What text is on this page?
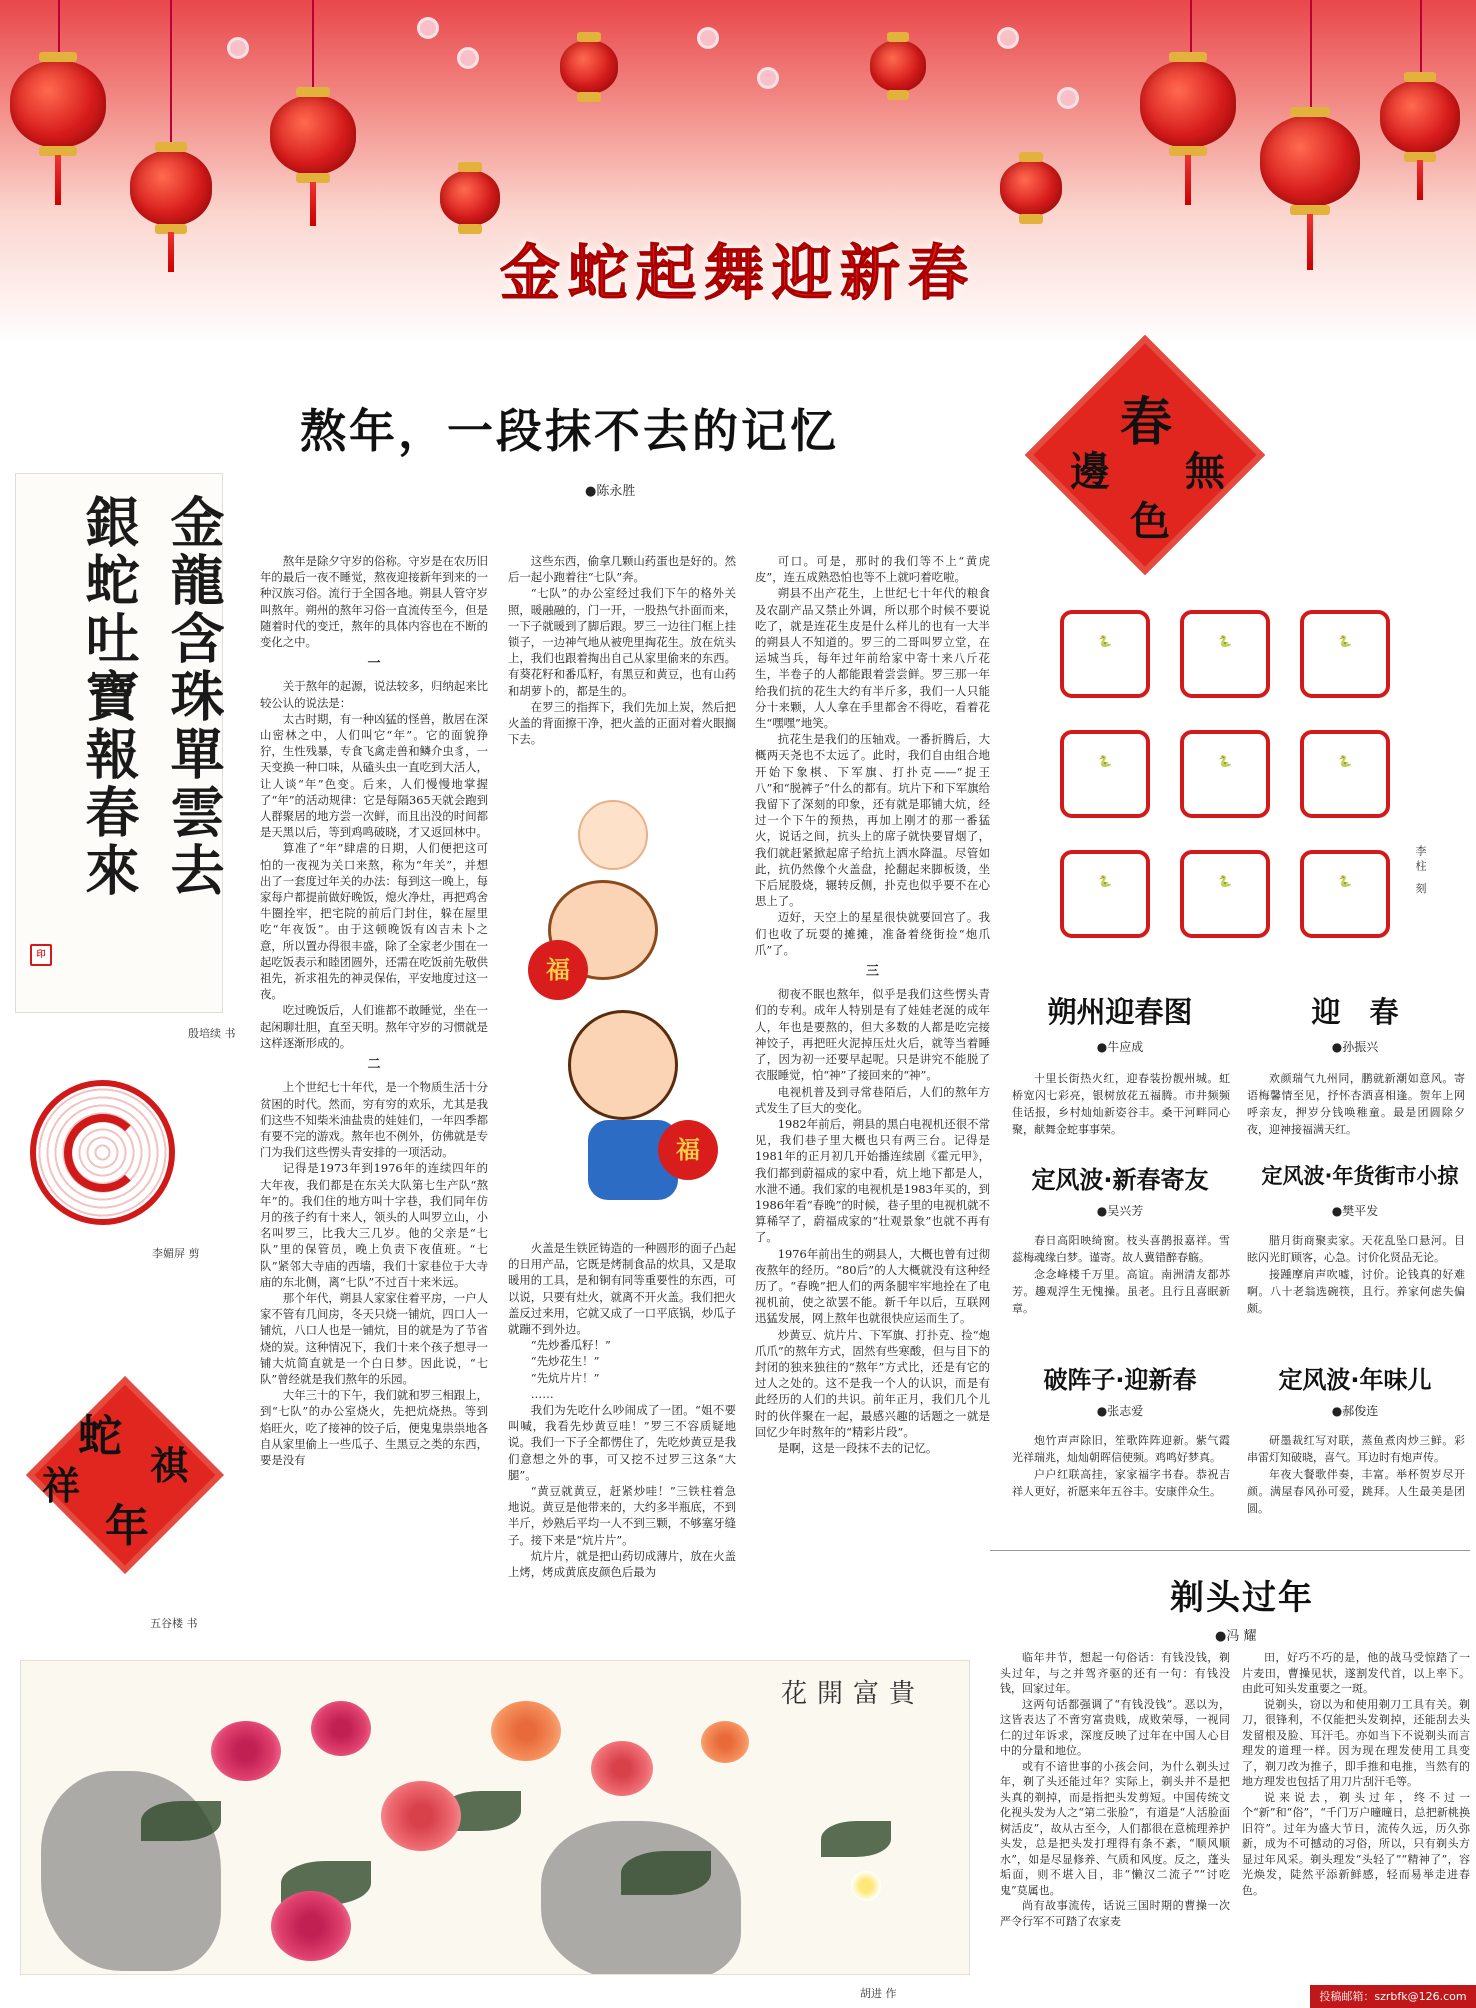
金蛇起舞迎新春
春
無
邊
色
🐍	🐍	🐍
🐍	🐍	🐍
🐍	🐍	🐍	李柱 刻
熬年，一段抹不去的记忆
●陈永胜
金龍含珠單雲去
銀蛇吐寶報春來
印
殷培续 书
李媚屏 剪
蛇
祺
祥
年
五谷楼 书

熬年是除夕守岁的俗称。守岁是在农历旧年的最后一夜不睡觉，熬夜迎接新年到来的一种汉族习俗。流行于全国各地。朔县人管守岁叫熬年。朔州的熬年习俗一直流传至今，但是随着时代的变迁，熬年的具体内容也在不断的变化之中。

一

关于熬年的起源，说法较多，归纳起来比较公认的说法是：

太古时期，有一种凶猛的怪兽，散居在深山密林之中，人们叫它“年”。它的面貌狰狞，生性残暴，专食飞禽走兽和鳞介虫豸，一天变换一种口味，从磕头虫一直吃到大活人，让人谈“年”色变。后来，人们慢慢地掌握了“年”的活动规律：它是每隔365天就会跑到人群聚居的地方尝一次鲜，而且出没的时间都是天黑以后，等到鸡鸣破晓，才又返回林中。

算准了“年”肆虐的日期，人们便把这可怕的一夜视为关口来熬，称为“年关”，并想出了一套度过年关的办法：每到这一晚上，每家每户都提前做好晚饭，熄火净灶，再把鸡舍牛圈拴牢，把宅院的前后门封住，躲在屋里吃“年夜饭”。由于这顿晚饭有凶吉未卜之意，所以置办得很丰盛，除了全家老少围在一起吃饭表示和睦团圆外，还需在吃饭前先敬供祖先，祈求祖先的神灵保佑，平安地度过这一夜。

吃过晚饭后，人们谁都不敢睡觉，坐在一起闲聊壮胆，直至天明。熬年守岁的习惯就是这样逐渐形成的。

二

上个世纪七十年代，是一个物质生活十分贫困的时代。然而，穷有穷的欢乐，尤其是我们这些不知柴米油盐贵的娃娃们，一年四季都有要不完的游戏。熬年也不例外，仿佛就是专门为我们这些愣头青安排的一项活动。

记得是1973年到1976年的连续四年的大年夜，我们都是在东关大队第七生产队“熬年”的。我们住的地方叫十字巷，我们同年仿月的孩子约有十来人，领头的人叫罗立山，小名叫罗三，比我大三几岁。他的父亲是“七队”里的保管员，晚上负责下夜值班。“七队”紧邻大寺庙的西墙，我们十家巷位于大寺庙的东北侧，离“七队”不过百十来米远。

那个年代，朔县人家家住着平房，一户人家不管有几间房，冬天只烧一铺炕，四口人一铺炕，八口人也是一铺炕，目的就是为了节省烧的炭。这种情况下，我们十来个孩子想寻一铺大炕简直就是一个白日梦。因此说，“七队”曾经就是我们熬年的乐园。

大年三十的下午，我们就和罗三相跟上，到“七队”的办公室烧火，先把炕烧热。等到焰旺火，吃了接神的饺子后，便鬼鬼祟祟地各自从家里偷上一些瓜子、生黑豆之类的东西，要是没有

这些东西，偷拿几颗山药蛋也是好的。然后一起小跑着往“七队”奔。

“七队”的办公室经过我们下午的格外关照，暖融融的，门一开，一股热气扑面而来，一下子就暖到了脚后跟。罗三一边往门框上挂锁子，一边神气地从被兜里掏花生。放在炕头上，我们也跟着掏出自己从家里偷来的东西。有葵花籽和番瓜籽，有黑豆和黄豆，也有山药和胡萝卜的，都是生的。

在罗三的指挥下，我们先加上炭，然后把火盖的背面擦干净，把火盖的正面对着火眼搁下去。

福
福

火盖是生铁匠铸造的一种圆形的面子凸起的日用产品，它既是烤制食品的炊具，又是取暖用的工具，是和铜有同等重要性的东西，可以说，只要有灶火，就离不开火盖。我们把火盖反过来用，它就又成了一口平底锅，炒瓜子就蹦不到外边。

“先炒番瓜籽！”

“先炒花生！”

“先炕片片！”

……

我们为先吃什么吵闹成了一团。“姐不要叫喊，我看先炒黄豆哇！”罗三不容质疑地说。我们一下子全都愣住了，先吃炒黄豆是我们意想之外的事，可又挖不过罗三这条“大腿”。

“黄豆就黄豆，赶紧炒哇！”三铁柱着急地说。黄豆是他带来的，大约多半瓶底，不到半斤，炒熟后平均一人不到三颗，不够塞牙缝子。接下来是“炕片片”。

炕片片，就是把山药切成薄片，放在火盖上烤，烤成黄底皮颜色后最为

可口。可是，那时的我们等不上“黄虎皮”，连五成熟恐怕也等不上就叼着吃啦。

朔县不出产花生，上世纪七十年代的粮食及农副产品又禁止外调，所以那个时候不要说吃了，就是连花生皮是什么样儿的也有一大半的朔县人不知道的。罗三的二哥叫罗立堂，在运城当兵，每年过年前给家中寄十来八斤花生，半卷子的人都能跟着尝尝鲜。罗三那一年给我们抗的花生大约有半斤多，我们一人只能分十来颗，人人拿在手里都舍不得吃，看着花生“嘿嘿”地笑。

抗花生是我们的压轴戏。一番折腾后，大概两天尧也不太远了。此时，我们自由组合地开始下象棋、下军旗、打扑克——“捉王八”和“脱裤子”什么的都有。坑片下和下军旗给我留下了深刻的印象，还有就是耶铺大炕，经过一个下午的预热，再加上刚才的那一番猛火，说话之间，抗头上的席子就快要冒烟了，我们就赶紧掀起席子给抗上洒水降温。尽管如此，抗仍然像个火盖盘，抡翻起来脚板烫，坐下后屁股烧，辗转反侧，扑克也似乎要不在心思上了。

迈好，天空上的星星很快就要回宫了。我们也收了玩耍的摊摊，准备着绕街捡“炮爪爪”了。

三

彻夜不眠也熬年，似乎是我们这些愣头青们的专利。成年人特别是有了娃娃老涎的成年人，年也是要熬的，但大多数的人都是吃完接神饺子，再把旺火泥掉压灶火后，就等当着睡了，因为初一还要早起呢。只是讲究不能脱了衣服睡觉，怕“神”了接回来的“神”。

电视机普及到寻常巷陌后，人们的熬年方式发生了巨大的变化。

1982年前后，朔县的黑白电视机还很不常见，我们巷子里大概也只有两三台。记得是1981年的正月初几开始播连续剧《霍元甲》，我们都到蔚福成的家中看，炕上地下都是人，水泄不通。我们家的电视机是1983年买的，到1986年看“春晚”的时候，巷子里的电视机就不算稀罕了，蔚福成家的“壮观景象”也就不再有了。

1976年前出生的朔县人，大概也曾有过彻夜熬年的经历。“80后”的人大概就没有这种经历了。“春晚”把人们的两条腿牢牢地拴在了电视机前，使之欲罢不能。新千年以后，互联网迅猛发展，网上熬年也就很快应运而生了。

炒黄豆、炕片片、下军旗、打扑克、捡“炮爪爪”的熬年方式，固然有些寒酸，但与目下的封闭的独来独往的“熬年”方式比，还是有它的过人之处的。这不是我一个人的认识，而是有此经历的人们的共识。前年正月，我们几个儿时的伙伴聚在一起，最感兴趣的话题之一就是回忆少年时熬年的“精彩片段”。

是啊，这是一段抹不去的记忆。

朔州迎春图
●牛应成

十里长街热火红，迎春装扮靓州城。虹桥宽闪七彩亮，银树放花五福腾。市井频频佳话报，乡村灿灿新姿谷丰。桑干河畔同心聚，献舞金蛇事事荣。

迎　春
●孙振兴

欢颜瑞气九州同，鹏就新潮如意风。寄语梅馨情至见，抒怀杏酒喜相逢。贺年上网呼亲友，押岁分钱唤稚童。最是团圆除夕夜，迎神接福满天红。

定风波·新春寄友
●吴兴芳

春日高阳映绮窗。枝头喜鹊报嘉祥。雪蕊梅魂缘白梦。谨寄。故人冀错醉春觞。

念念峰楼千万里。高谊。南洲清友都苏芳。趣观浮生无愧操。虽老。且行且喜眠新章。

定风波·年货街市小掠
●樊平发

腊月街商聚卖家。天花乱坠口悬河。目眩闪光盯顾客，心急。讨价化贤品无论。

接踵摩肩声吹嘘，讨价。论钱真的好难啊。八十老翁选碗筷，且行。养家何虑失偏颇。

破阵子·迎新春
●张志爱

炮竹声声除旧，笙歌阵阵迎新。紫气霞光祥瑞兆，灿灿朝晖信使频。鸡鸣好梦真。

户户红联高挂，家家福字书春。恭祝吉祥人更好，祈愿来年五谷丰。安康伴众生。

定风波·年味儿
●郝俊连

研墨裁红写对联，蒸鱼煮肉炒三鲜。彩串雷灯知破晓，喜气。耳边时有炮声传。

年夜大餐歌伴奏，丰富。举杯贺岁尽开颜。满屋春风孙可爱，跳拜。人生最美是团圆。

剃头过年
●冯 耀

临年井节，想起一句俗话：有钱没钱，剃头过年，与之并驾齐驱的还有一句：有钱没钱，回家过年。

这两句话都强调了“有钱没钱”。恶以为，这皆表达了不啻穷富贵贱，成败荣辱，一视同仁的过年诉求，深度反映了过年在中国人心目中的分量和地位。

或有不谙世事的小孩会问，为什么剃头过年，剃了头还能过年？实际上，剃头并不是把头真的剃掉，而是指把头发剪短。中国传统文化视头发为人之“第二张脸”，有道是“人活脸面树活皮”，故从古至今，人们都很在意梳理养护头发，总是把头发打理得有条不紊，“顺风顺水”，如是尽显修养、气质和风度。反之，蓬头垢面，则不堪入目，非“懒汉二流子”“讨吃鬼”莫属也。

尚有故事流传，话说三国时期的曹操一次严令行军不可踏了农家麦

田，好巧不巧的是，他的战马受惊踏了一片麦田，曹操见状，遂割发代首，以上率下。由此可知头发重要之一斑。

说剃头，窃以为和使用剃刀工具有关。剃刀，很锋利，不仅能把头发剃掉，还能刮去头发留根及脸、耳汗毛。亦如当下不说剃头而言理发的道理一样。因为现在理发使用工具变了，剃刀改为推子，即手推和电推，当然有的地方理发也包括了用刀片刮汗毛等。

说来说去，剃头过年，终不过一个“新”和“俗”，“千门万户曈曈日，总把新桃换旧符”。过年为盛大节日，流传久远，历久弥新，成为不可撼动的习俗，所以，只有剃头方显过年风采。剃头理发“头轻了”“精神了”，容光焕发，陡然平添新鲜感，轻而易举走进春色。

花開富貴
胡进 作	投稿邮箱：szrbfk@126.com
